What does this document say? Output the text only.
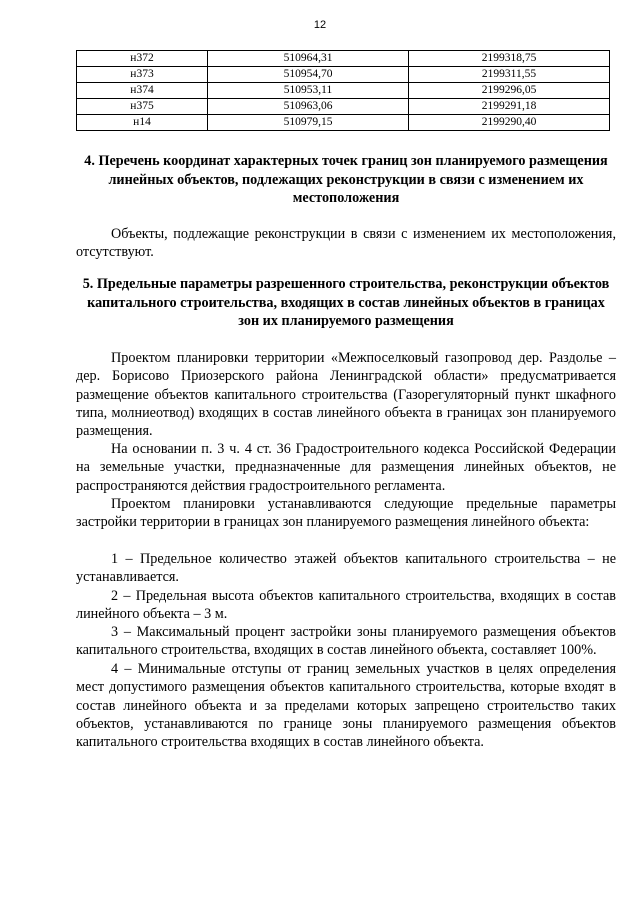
12
н372	510964,31	2199318,75
н373	510954,70	2199311,55
н374	510953,11	2199296,05
н375	510963,06	2199291,18
н14	510979,15	2199290,40
4. Перечень координат характерных точек границ зон планируемого размещения линейных объектов, подлежащих реконструкции в связи с изменением их местоположения
Объекты, подлежащие реконструкции в связи с изменением их местоположения, отсутствуют.
5. Предельные параметры разрешенного строительства, реконструкции объектов капитального строительства, входящих в состав линейных объектов в границах зон их планируемого размещения
Проектом планировки территории «Межпоселковый газопровод дер. Раздолье – дер. Борисово Приозерского района Ленинградской области» предусматривается размещение объектов капитального строительства (Газорегуляторный пункт шкафного типа, молниеотвод) входящих в состав линейного объекта в границах зон планируемого размещения.
На основании п. 3 ч. 4 ст. 36 Градостроительного кодекса Российской Федерации на земельные участки, предназначенные для размещения линейных объектов, не распространяются действия градостроительного регламента.
Проектом планировки устанавливаются следующие предельные параметры застройки территории в границах зон планируемого размещения линейного объекта:
1 – Предельное количество этажей объектов капитального строительства – не устанавливается.
2 – Предельная высота объектов капитального строительства, входящих в состав линейного объекта – 3 м.
3 – Максимальный процент застройки зоны планируемого размещения объектов капитального строительства, входящих в состав линейного объекта, составляет 100%.
4 – Минимальные отступы от границ земельных участков в целях определения мест допустимого размещения объектов капитального строительства, которые входят в состав линейного объекта и за пределами которых запрещено строительство таких объектов, устанавливаются по границе зоны планируемого размещения объектов капитального строительства входящих в состав линейного объекта.
